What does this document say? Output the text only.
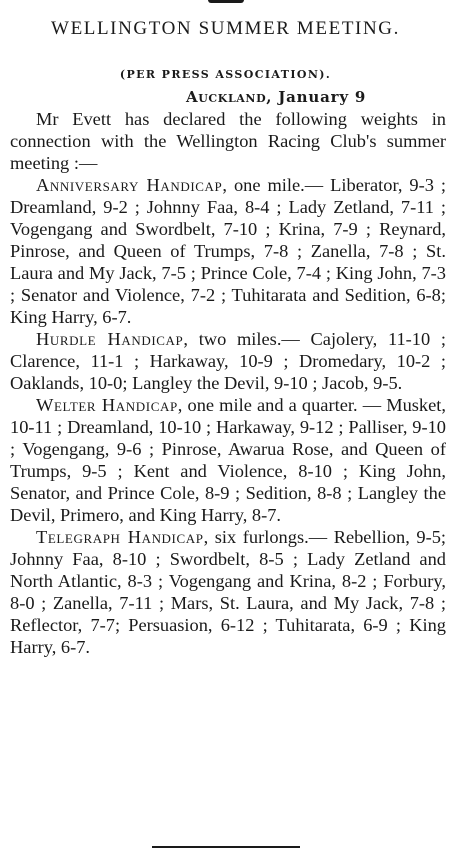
WELLINGTON SUMMER MEETING.
(PER PRESS ASSOCIATION).
Auckland, January 9

Mr Evett has declared the following weights in connection with the Wellington Racing Club's summer meeting :—

Anniversary Handicap, one mile.— Liberator, 9-3 ; Dreamland, 9-2 ; Johnny Faa, 8-4 ; Lady Zetland, 7-11 ; Vogengang and Swordbelt, 7-10 ; Krina, 7-9 ; Reynard, Pinrose, and Queen of Trumps, 7-8 ; Zanella, 7-8 ; St. Laura and My Jack, 7-5 ; Prince Cole, 7-4 ; King John, 7-3 ; Senator and Violence, 7-2 ; Tuhitarata and Sedition, 6-8; King Harry, 6-7.

Hurdle Handicap, two miles.— Cajolery, 11-10 ; Clarence, 11-1 ; Harkaway, 10-9 ; Dromedary, 10-2 ; Oaklands, 10-0; Langley the Devil, 9-10 ; Jacob, 9-5.

Welter Handicap, one mile and a quarter. — Musket, 10-11 ; Dreamland, 10-10 ; Harkaway, 9-12 ; Palliser, 9-10 ; Vogengang, 9-6 ; Pinrose, Awarua Rose, and Queen of Trumps, 9-5 ; Kent and Violence, 8-10 ; King John, Senator, and Prince Cole, 8-9 ; Sedition, 8-8 ; Langley the Devil, Primero, and King Harry, 8-7.

Telegraph Handicap, six furlongs.— Rebellion, 9-5; Johnny Faa, 8-10 ; Swordbelt, 8-5 ; Lady Zetland and North Atlantic, 8-3 ; Vogengang and Krina, 8-2 ; Forbury, 8-0 ; Zanella, 7-11 ; Mars, St. Laura, and My Jack, 7-8 ; Reflector, 7-7; Persuasion, 6-12 ; Tuhitarata, 6-9 ; King Harry, 6-7.
